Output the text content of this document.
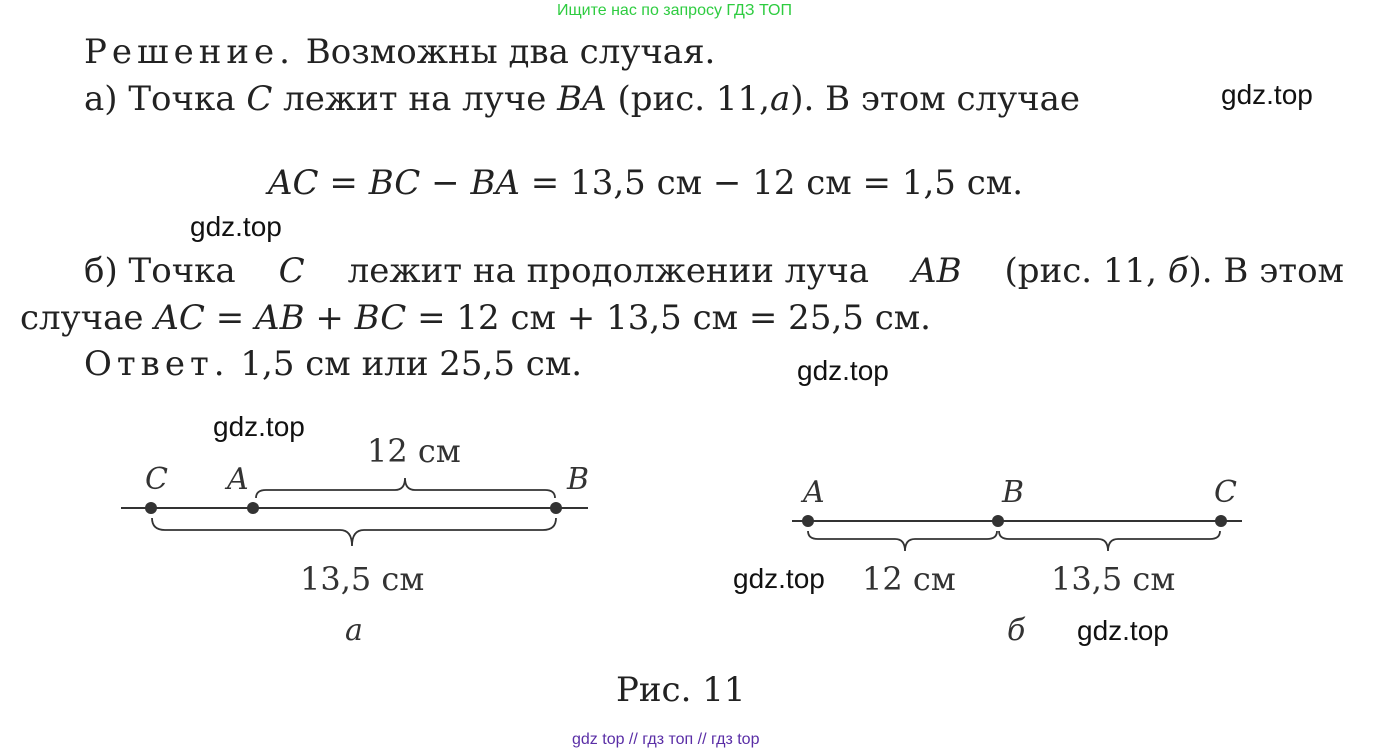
Ищите нас по запросу ГДЗ ТОП
Решение. Возможны два случая.
а) Точка C лежит на луче BA (рис. 11,а). В этом случае
AC = BC − BA = 13,5 см − 12 см = 1,5 см.
б) Точка C лежит на продолжении луча AB (рис. 11, б). В этом
случае AC = AB + BC = 12 см + 13,5 см = 25,5 см.
Ответ. 1,5 см или 25,5 см.
gdz.top
gdz.top
gdz.top
gdz.top
gdz.top
gdz.top
C A	B
12 см
13,5 см
а
A	B	C
12 см	13,5 см
б
Рис. 11
gdz top // гдз топ // гдз top
